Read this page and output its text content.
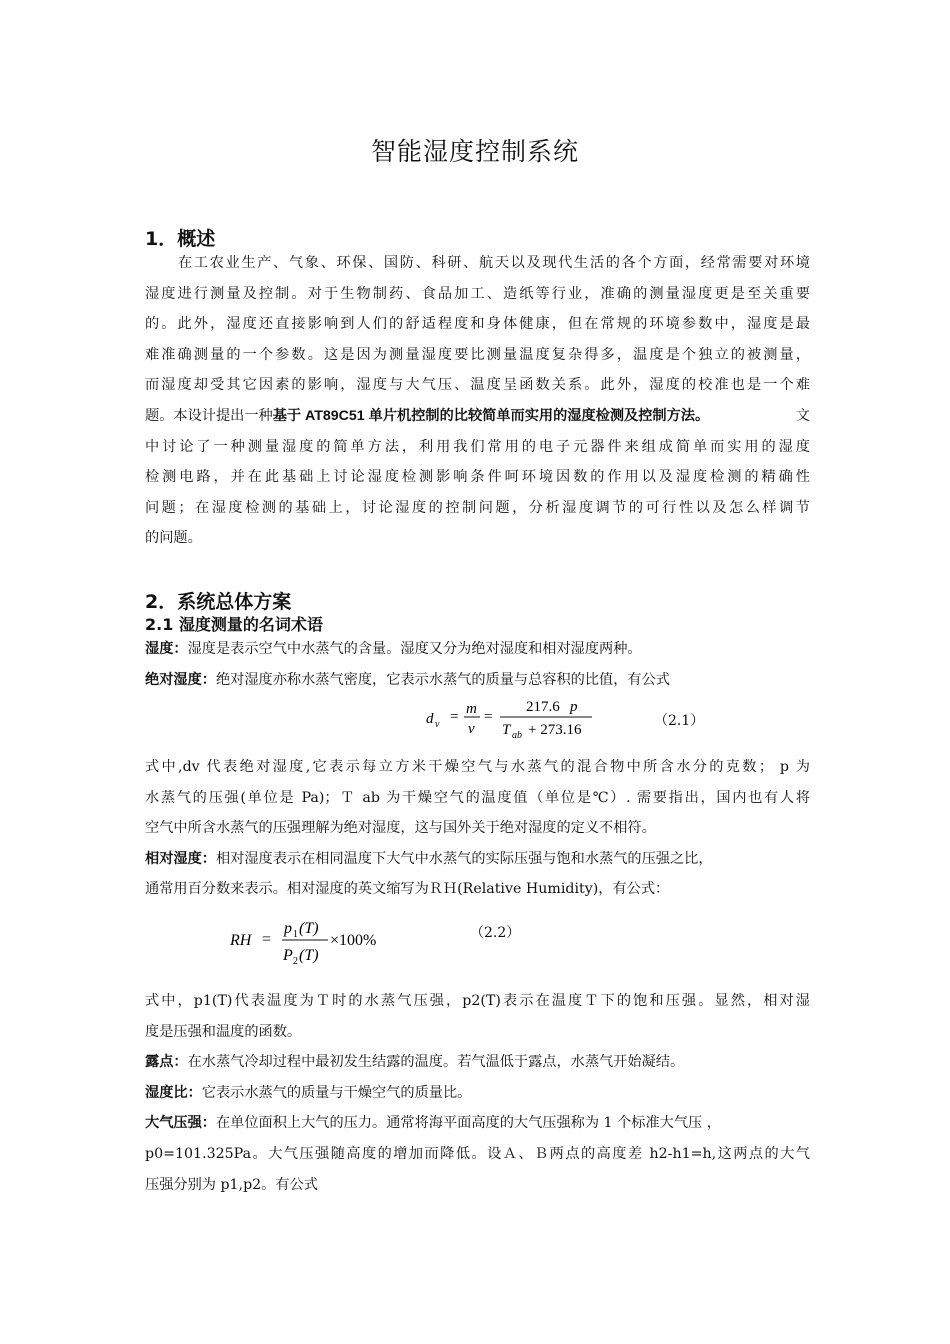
智能湿度控制系统
1．概述
在工农业生产、气象、环保、国防、科研、航天以及现代生活的各个方面，经常需要对环境
湿度进行测量及控制。对于生物制药、食品加工、造纸等行业，准确的测量湿度更是至关重要
的。此外，湿度还直接影响到人们的舒适程度和身体健康，但在常规的环境参数中，湿度是最
难准确测量的一个参数。这是因为测量湿度要比测量温度复杂得多，温度是个独立的被测量，
而湿度却受其它因素的影响，湿度与大气压、温度呈函数关系。此外，湿度的校准也是一个难
题。本设计提出一种基于 AT89C51 单片机控制的比较简单而实用的湿度检测及控制方法。	文
中讨论了一种测量湿度的简单方法，利用我们常用的电子元器件来组成简单而实用的湿度
检测电路，并在此基础上讨论湿度检测影响条件呵环境因数的作用以及湿度检测的精确性
问题；在湿度检测的基础上，讨论湿度的控制问题，分析湿度调节的可行性以及怎么样调节
的问题。
2．系统总体方案
2.1 湿度测量的名词术语
湿度：湿度是表示空气中水蒸气的含量。湿度又分为绝对湿度和相对湿度两种。
绝对湿度：绝对湿度亦称水蒸气密度，它表示水蒸气的质量与总容积的比值，有公式
d v = m
v
=
217.6 p
T ab + 273.16
（2.1）
式中,dv 代表绝对湿度,它表示每立方米干燥空气与水蒸气的混合物中所含水分的克数； p 为
水蒸气的压强(单位是 Pa)；Ｔ ab 为干燥空气的温度值（单位是℃）. 需要指出，国内也有人将
空气中所含水蒸气的压强理解为绝对湿度，这与国外关于绝对湿度的定义不相符。
相对湿度：相对湿度表示在相同温度下大气中水蒸气的实际压强与饱和水蒸气的压强之比，
通常用百分数来表示。相对湿度的英文缩写为ＲＨ(Relative Humidity)，有公式：
RH =
p 1 (T)
P 2 (T)
×100%	（2.2）
式中，p1(T)代表温度为Ｔ时的水蒸气压强，p2(T)表示在温度Ｔ下的饱和压强。显然，相对湿
度是压强和温度的函数。
露点：在水蒸气冷却过程中最初发生结露的温度。若气温低于露点，水蒸气开始凝结。
湿度比：它表示水蒸气的质量与干燥空气的质量比。
大气压强：在单位面积上大气的压力。通常将海平面高度的大气压强称为 1 个标准大气压 ，
p0=101.325Pa。大气压强随高度的增加而降低。设Ａ、Ｂ两点的高度差 h2-h1=h,这两点的大气
压强分别为 p1,p2。有公式
